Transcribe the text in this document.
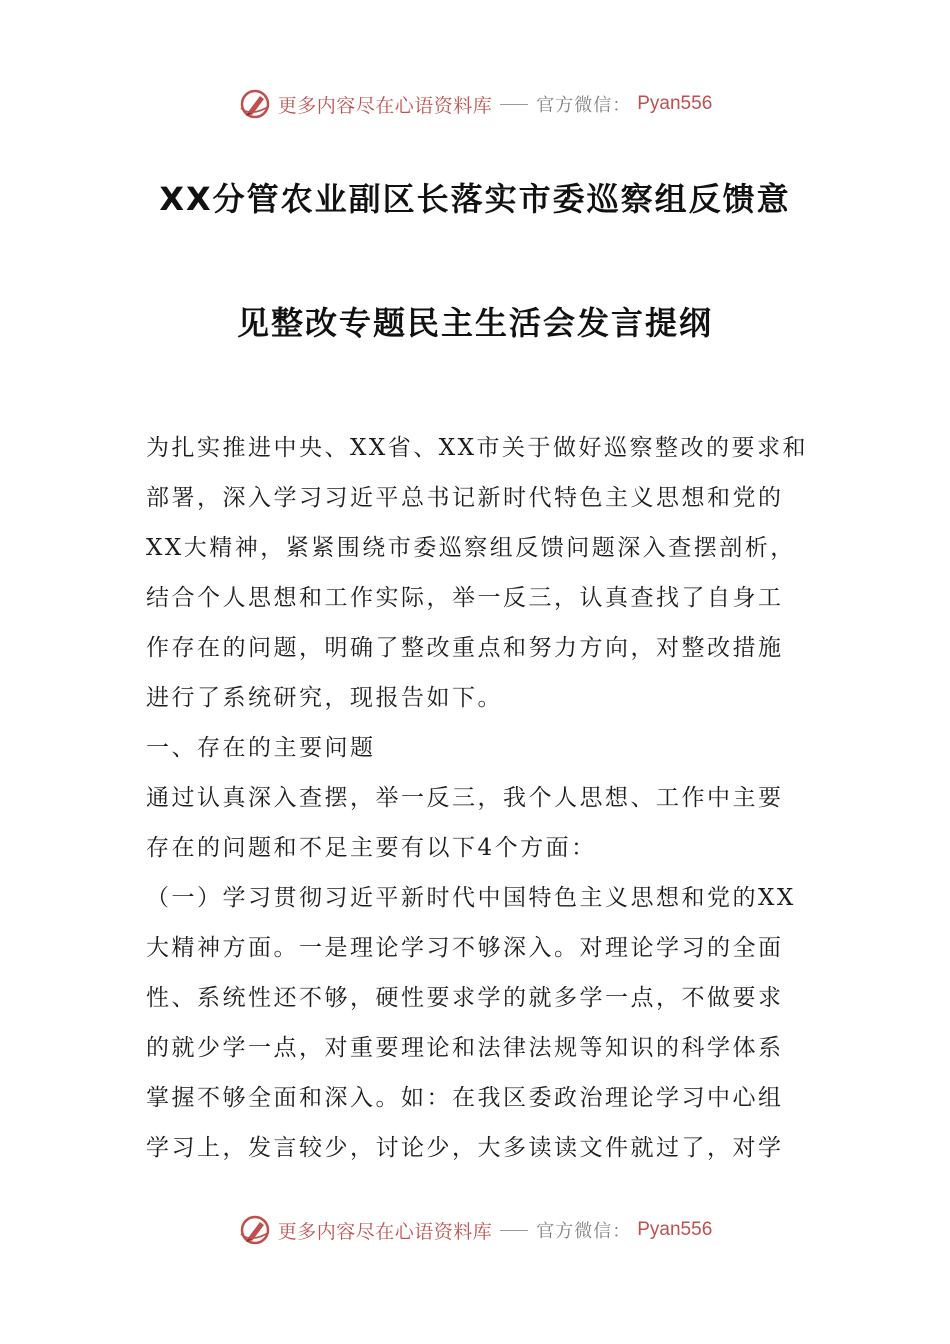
更多内容尽在心语资料库 官方微信： Pyan556
XX分管农业副区长落实市委巡察组反馈意
见整改专题民主生活会发言提纲
为扎实推进中央、XX省、XX市关于做好巡察整改的要求和
部署，深入学习习近平总书记新时代特色主义思想和党的
XX大精神，紧紧围绕市委巡察组反馈问题深入查摆剖析，
结合个人思想和工作实际，举一反三，认真查找了自身工
作存在的问题，明确了整改重点和努力方向，对整改措施
进行了系统研究，现报告如下。
一、存在的主要问题
通过认真深入查摆，举一反三，我个人思想、工作中主要
存在的问题和不足主要有以下4个方面：
（一）学习贯彻习近平新时代中国特色主义思想和党的XX
大精神方面。一是理论学习不够深入。对理论学习的全面
性、系统性还不够，硬性要求学的就多学一点，不做要求
的就少学一点，对重要理论和法律法规等知识的科学体系
掌握不够全面和深入。如：在我区委政治理论学习中心组
学习上，发言较少，讨论少，大多读读文件就过了，对学
更多内容尽在心语资料库 官方微信： Pyan556
